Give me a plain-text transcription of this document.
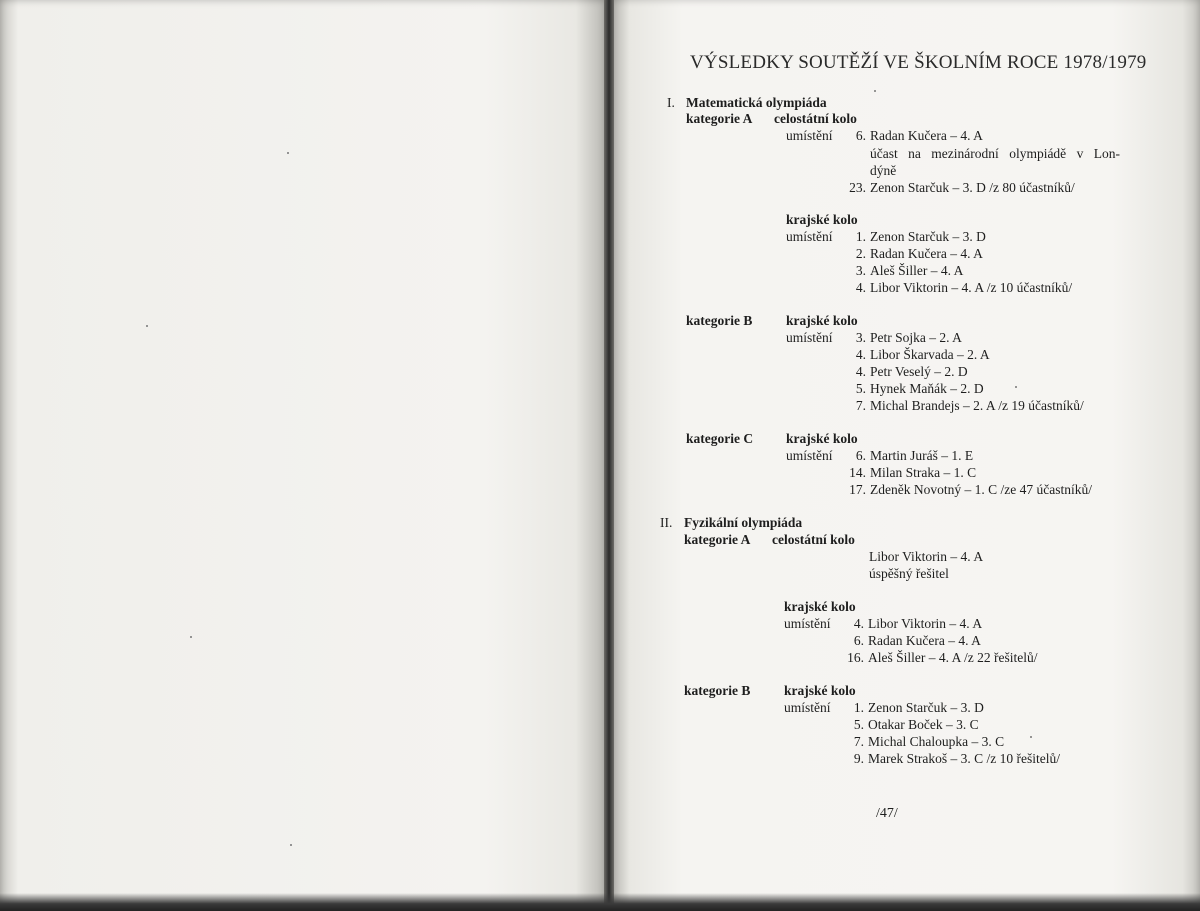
VÝSLEDKY SOUTĚŽÍ VE ŠKOLNÍM ROCE 1978/1979
I. Matematická olympiáda
kategorie A celostátní kolo
umístění	6. Radan Kučera – 4. A
účast na mezinárodní olympiádě v Lon-
dýně
23. Zenon Starčuk – 3. D /z 80 účastníků/
krajské kolo
umístění	1. Zenon Starčuk – 3. D
2. Radan Kučera – 4. A
3. Aleš Šiller – 4. A
4. Libor Viktorin – 4. A /z 10 účastníků/
kategorie B krajské kolo
umístění	3. Petr Sojka – 2. A
4. Libor Škarvada – 2. A
4. Petr Veselý – 2. D
5. Hynek Maňák – 2. D
7. Michal Brandejs – 2. A /z 19 účastníků/
kategorie C krajské kolo
umístění	6. Martin Juráš – 1. E
14. Milan Straka – 1. C
17. Zdeněk Novotný – 1. C /ze 47 účastníků/
II. Fyzikální olympiáda
kategorie A celostátní kolo
Libor Viktorin – 4. A
úspěšný řešitel
krajské kolo
umístění	4. Libor Viktorin – 4. A
6. Radan Kučera – 4. A
16. Aleš Šiller – 4. A /z 22 řešitelů/
kategorie B krajské kolo
umístění	1. Zenon Starčuk – 3. D
5. Otakar Boček – 3. C
7. Michal Chaloupka – 3. C
9. Marek Strakoš – 3. C /z 10 řešitelů/
/47/
